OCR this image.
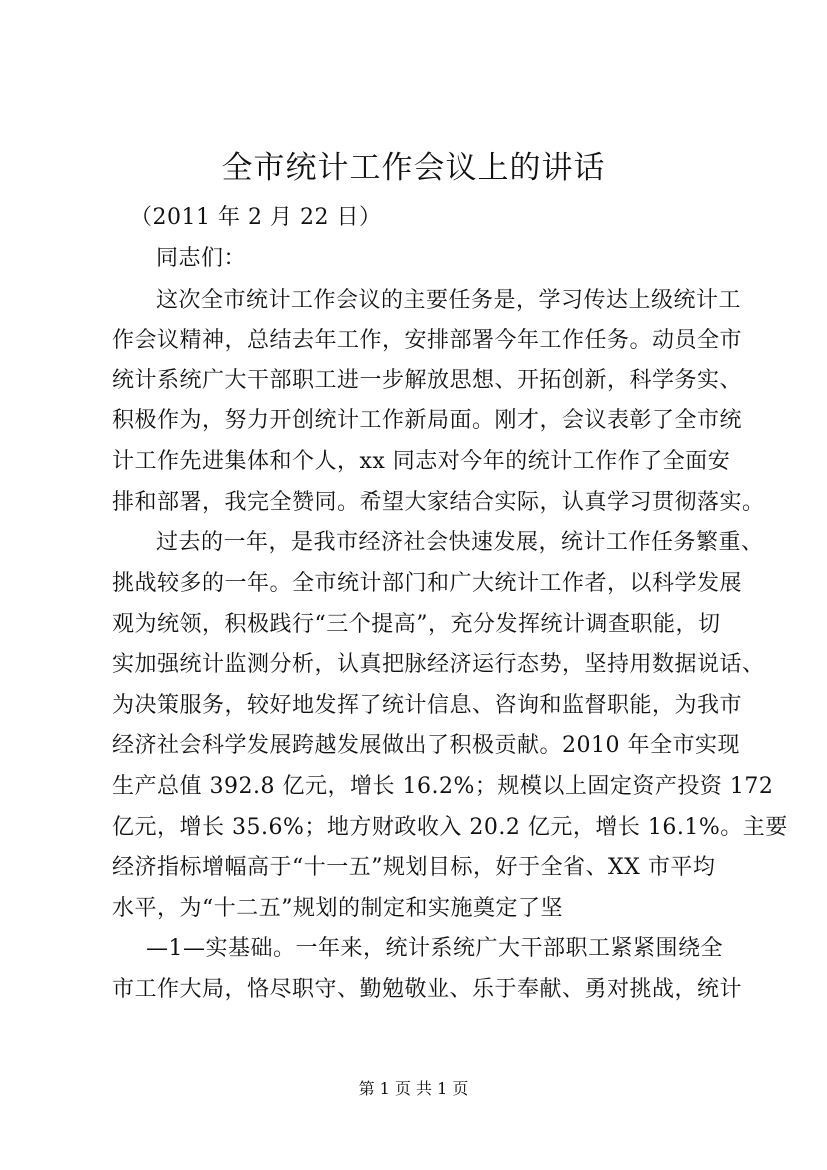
全市统计工作会议上的讲话
（2011 年 2 月 22 日）
同志们：
这次全市统计工作会议的主要任务是，学习传达上级统计工
作会议精神，总结去年工作，安排部署今年工作任务。动员全市
统计系统广大干部职工进一步解放思想、开拓创新，科学务实、
积极作为，努力开创统计工作新局面。刚才，会议表彰了全市统
计工作先进集体和个人，xx 同志对今年的统计工作作了全面安
排和部署，我完全赞同。希望大家结合实际，认真学习贯彻落实。
过去的一年，是我市经济社会快速发展，统计工作任务繁重、
挑战较多的一年。全市统计部门和广大统计工作者，以科学发展
观为统领，积极践行“三个提高”，充分发挥统计调查职能，切
实加强统计监测分析，认真把脉经济运行态势，坚持用数据说话、
为决策服务，较好地发挥了统计信息、咨询和监督职能，为我市
经济社会科学发展跨越发展做出了积极贡献。2010 年全市实现
生产总值 392.8 亿元，增长 16.2%；规模以上固定资产投资 172
亿元，增长 35.6%；地方财政收入 20.2 亿元，增长 16.1%。主要
经济指标增幅高于“十一五”规划目标，好于全省、XX 市平均
水平，为“十二五”规划的制定和实施奠定了坚
—1—实基础。一年来，统计系统广大干部职工紧紧围绕全
市工作大局，恪尽职守、勤勉敬业、乐于奉献、勇对挑战，统计
第 1 页 共 1 页
